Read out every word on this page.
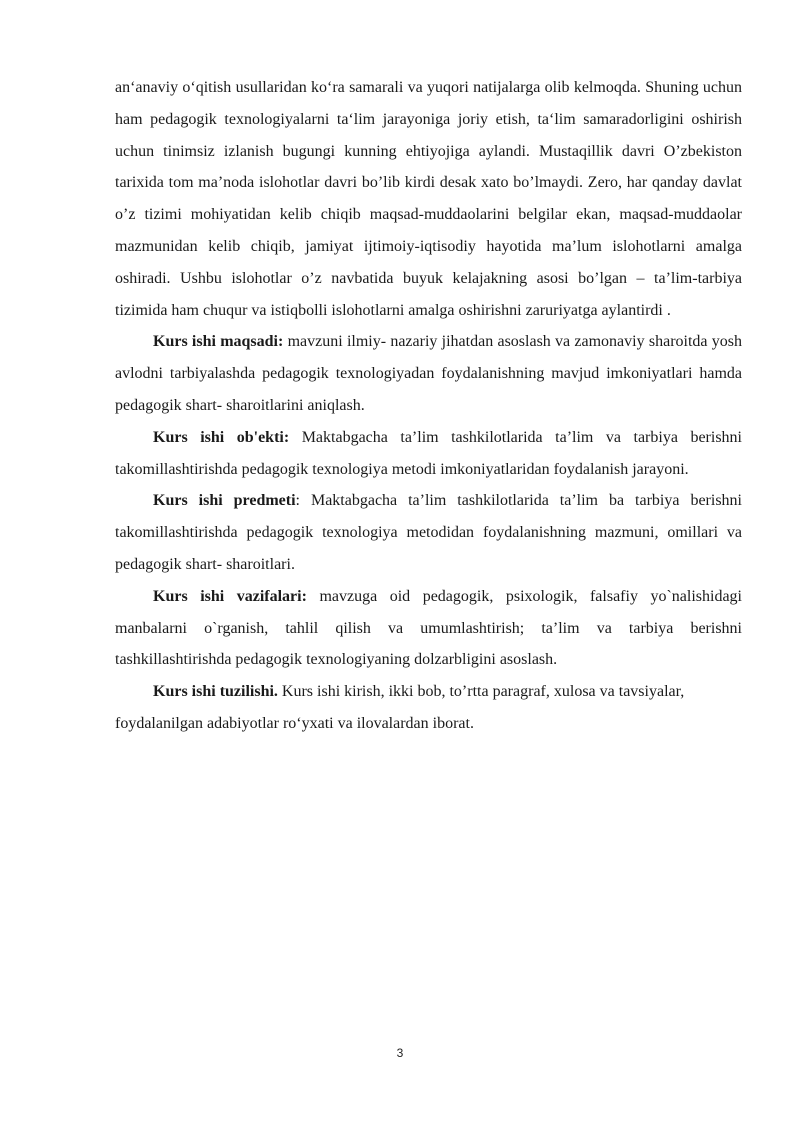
an‘anaviy o‘qitish usullaridan ko‘ra samarali va yuqori natijalarga olib kelmoqda. Shuning uchun ham pedagogik texnologiyalarni ta‘lim jarayoniga joriy etish, ta‘lim samaradorligini oshirish uchun tinimsiz izlanish bugungi kunning ehtiyojiga aylandi. Mustaqillik davri O’zbekiston tarixida tom ma’noda islohotlar davri bo’lib kirdi desak xato bo’lmaydi. Zero, har qanday davlat o’z tizimi mohiyatidan kelib chiqib maqsad-muddaolarini belgilar ekan, maqsad-muddaolar mazmunidan kelib chiqib, jamiyat ijtimoiy-iqtisodiy hayotida ma’lum islohotlarni amalga oshiradi. Ushbu islohotlar o’z navbatida buyuk kelajakning asosi bo’lgan – ta’lim-tarbiya tizimida ham chuqur va istiqbolli islohotlarni amalga oshirishni zaruriyatga aylantirdi .

Kurs ishi maqsadi: mavzuni ilmiy- nazariy jihatdan asoslash va zamonaviy sharoitda yosh avlodni tarbiyalashda pedagogik texnologiyadan foydalanishning mavjud imkoniyatlari hamda pedagogik shart- sharoitlarini aniqlash.

Kurs ishi ob'ekti: Maktabgacha ta’lim tashkilotlarida ta’lim va tarbiya berishni takomillashtirishda pedagogik texnologiya metodi imkoniyatlaridan foydalanish jarayoni.

Kurs ishi predmeti: Maktabgacha ta’lim tashkilotlarida ta’lim ba tarbiya berishni takomillashtirishda pedagogik texnologiya metodidan foydalanishning mazmuni, omillari va pedagogik shart- sharoitlari.

Kurs ishi vazifalari: mavzuga oid pedagogik, psixologik, falsafiy yo`nalishidagi manbalarni o`rganish, tahlil qilish va umumlashtirish; ta’lim va tarbiya berishni tashkillashtirishda pedagogik texnologiyaning dolzarbligini asoslash.

Kurs ishi tuzilishi. Kurs ishi kirish, ikki bob, to’rtta paragraf, xulosa va tavsiyalar, foydalanilgan adabiyotlar ro‘yxati va ilovalardan iborat.

3
